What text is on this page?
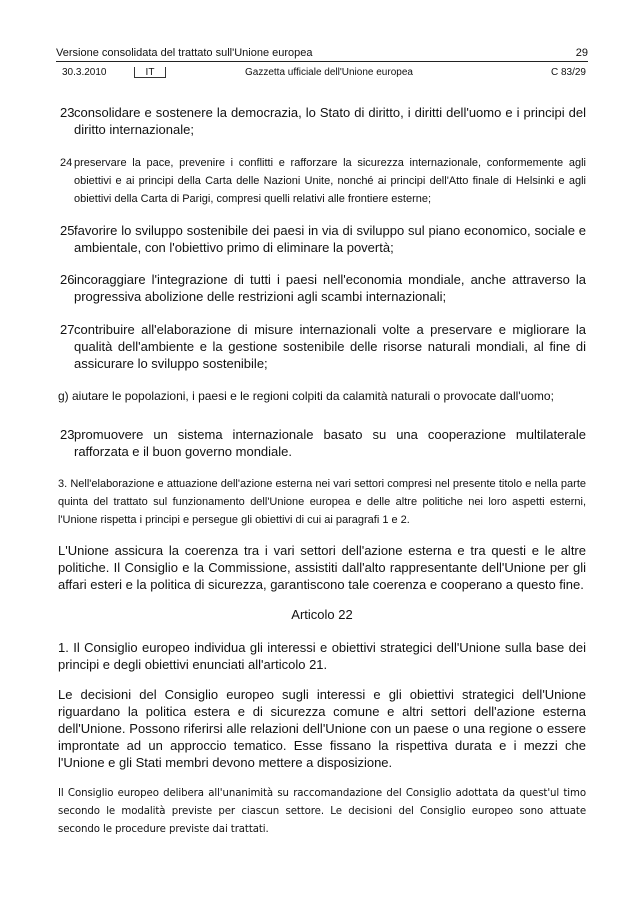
Versione consolidata del trattato sull'Unione europea	29
30.3.2010	IT	Gazzetta ufficiale dell'Unione europea	C 83/29
23 consolidare e sostenere la democrazia, lo Stato di diritto, i diritti dell'uomo e i principi del diritto internazionale;
24 preservare la pace, prevenire i conflitti e rafforzare la sicurezza internazionale, conformemente agli obiettivi e ai principi della Carta delle Nazioni Unite, nonché ai principi dell'Atto finale di Helsinki e agli obiettivi della Carta di Parigi, compresi quelli relativi alle frontiere esterne;
25 favorire lo sviluppo sostenibile dei paesi in via di sviluppo sul piano economico, sociale e ambientale, con l'obiettivo primo di eliminare la povertà;
26 incoraggiare l'integrazione di tutti i paesi nell'economia mondiale, anche attraverso la progressiva abolizione delle restrizioni agli scambi internazionali;
27 contribuire all'elaborazione di misure internazionali volte a preservare e migliorare la qualità dell'ambiente e la gestione sostenibile delle risorse naturali mondiali, al fine di assicurare lo sviluppo sostenibile;
g) aiutare le popolazioni, i paesi e le regioni colpiti da calamità naturali o provocate dall'uomo;
23 promuovere un sistema internazionale basato su una cooperazione multilaterale rafforzata e il buon governo mondiale.
3. Nell'elaborazione e attuazione dell'azione esterna nei vari settori compresi nel presente titolo e nella parte quinta del trattato sul funzionamento dell'Unione europea e delle altre politiche nei loro aspetti esterni, l'Unione rispetta i principi e persegue gli obiettivi di cui ai paragrafi 1 e 2.
L'Unione assicura la coerenza tra i vari settori dell'azione esterna e tra questi e le altre politiche. Il Consiglio e la Commissione, assistiti dall'alto rappresentante dell'Unione per gli affari esteri e la politica di sicurezza, garantiscono tale coerenza e cooperano a questo fine.
Articolo 22
1. Il Consiglio europeo individua gli interessi e obiettivi strategici dell'Unione sulla base dei principi e degli obiettivi enunciati all'articolo 21.
Le decisioni del Consiglio europeo sugli interessi e gli obiettivi strategici dell'Unione riguardano la politica estera e di sicurezza comune e altri settori dell'azione esterna dell'Unione. Possono riferirsi alle relazioni dell'Unione con un paese o una regione o essere improntate ad un approccio tematico. Esse fissano la rispettiva durata e i mezzi che l'Unione e gli Stati membri devono mettere a disposizione.
Il Consiglio europeo delibera all'unanimità su raccomandazione del Consiglio adottata da quest'ul timo secondo le modalità previste per ciascun settore. Le decisioni del Consiglio europeo sono attuate secondo le procedure previste dai trattati.
